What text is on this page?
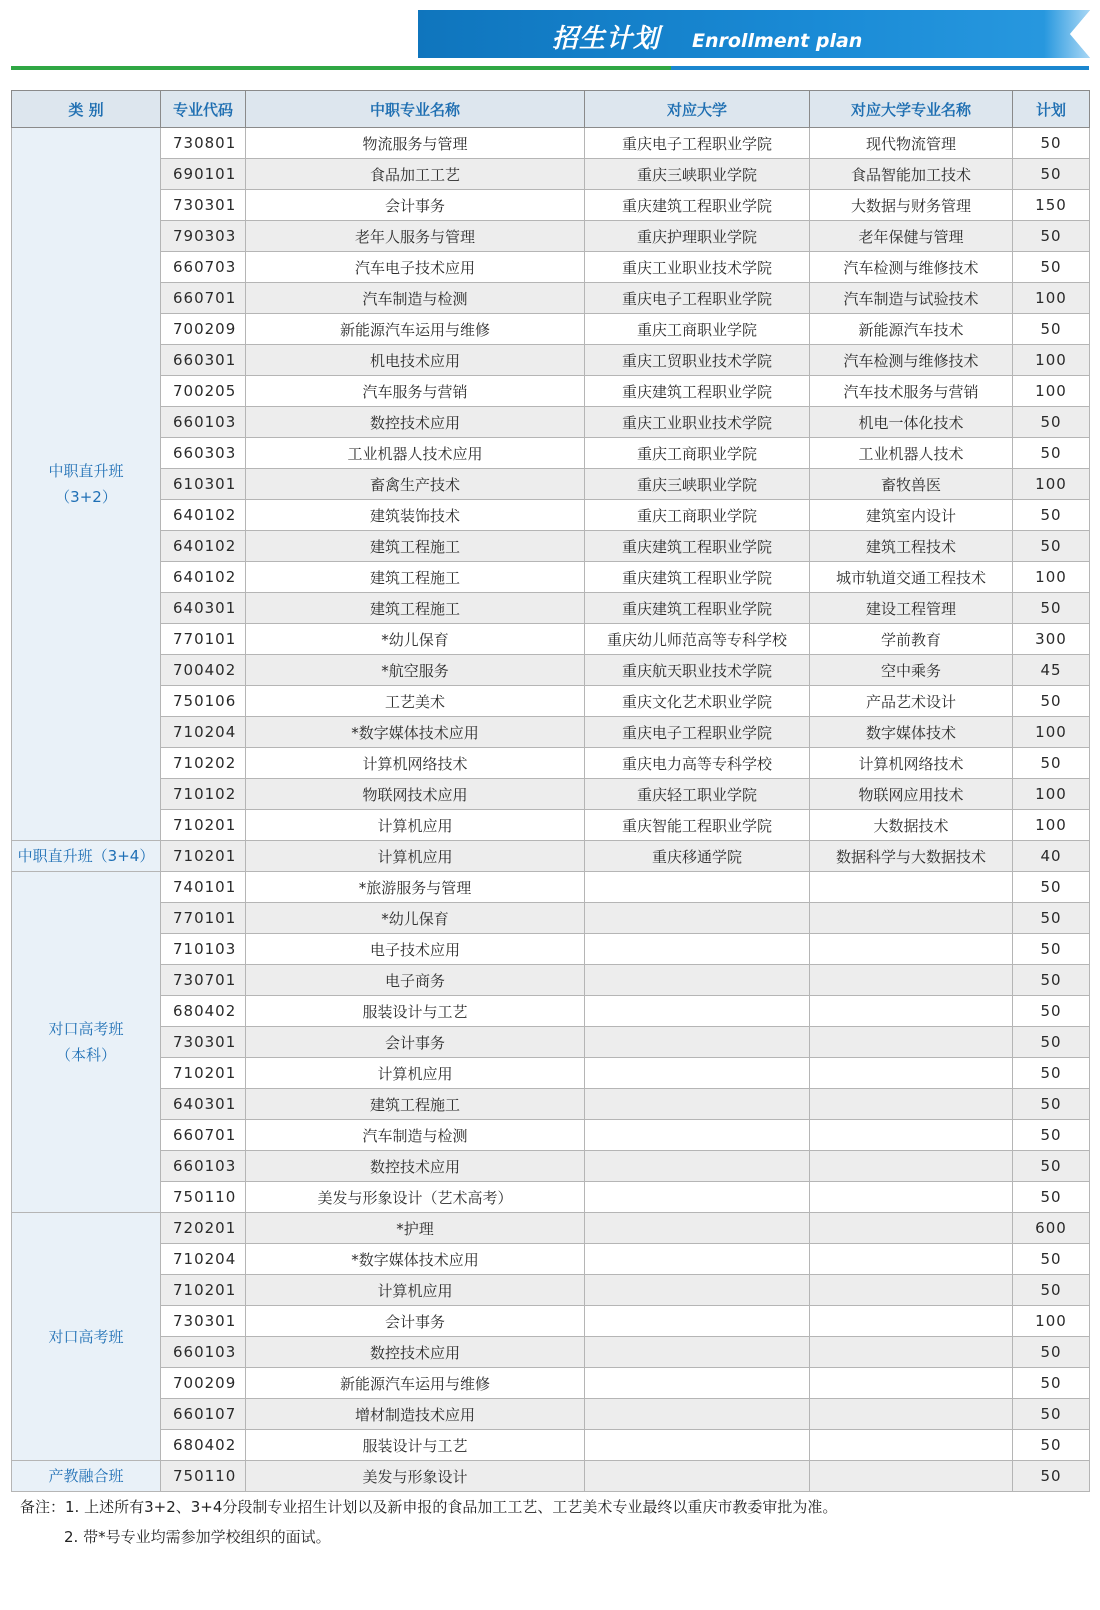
招生计划 Enrollment plan
类 别	专业代码	中职专业名称	对应大学	对应大学专业名称	计划

中职直升班
（3+2）	730801	物流服务与管理	重庆电子工程职业学院	现代物流管理	50
	690101	食品加工工艺	重庆三峡职业学院	食品智能加工技术	50
	730301	会计事务	重庆建筑工程职业学院	大数据与财务管理	150
	790303	老年人服务与管理	重庆护理职业学院	老年保健与管理	50
	660703	汽车电子技术应用	重庆工业职业技术学院	汽车检测与维修技术	50
	660701	汽车制造与检测	重庆电子工程职业学院	汽车制造与试验技术	100
	700209	新能源汽车运用与维修	重庆工商职业学院	新能源汽车技术	50
	660301	机电技术应用	重庆工贸职业技术学院	汽车检测与维修技术	100
	700205	汽车服务与营销	重庆建筑工程职业学院	汽车技术服务与营销	100
	660103	数控技术应用	重庆工业职业技术学院	机电一体化技术	50
	660303	工业机器人技术应用	重庆工商职业学院	工业机器人技术	50
	610301	畜禽生产技术	重庆三峡职业学院	畜牧兽医	100
	640102	建筑装饰技术	重庆工商职业学院	建筑室内设计	50
	640102	建筑工程施工	重庆建筑工程职业学院	建筑工程技术	50
	640102	建筑工程施工	重庆建筑工程职业学院	城市轨道交通工程技术	100
	640301	建筑工程施工	重庆建筑工程职业学院	建设工程管理	50
	770101	*幼儿保育	重庆幼儿师范高等专科学校	学前教育	300
	700402	*航空服务	重庆航天职业技术学院	空中乘务	45
	750106	工艺美术	重庆文化艺术职业学院	产品艺术设计	50
	710204	*数字媒体技术应用	重庆电子工程职业学院	数字媒体技术	100
	710202	计算机网络技术	重庆电力高等专科学校	计算机网络技术	50
	710102	物联网技术应用	重庆轻工职业学院	物联网应用技术	100
	710201	计算机应用	重庆智能工程职业学院	大数据技术	100

中职直升班（3+4）	710201	计算机应用	重庆移通学院	数据科学与大数据技术	40

对口高考班
（本科）	740101	*旅游服务与管理			50
	770101	*幼儿保育			50
	710103	电子技术应用			50
	730701	电子商务			50
	680402	服装设计与工艺			50
	730301	会计事务			50
	710201	计算机应用			50
	640301	建筑工程施工			50
	660701	汽车制造与检测			50
	660103	数控技术应用			50
	750110	美发与形象设计（艺术高考）			50

对口高考班	720201	*护理			600
	710204	*数字媒体技术应用			50
	710201	计算机应用			50
	730301	会计事务			100
	660103	数控技术应用			50
	700209	新能源汽车运用与维修			50
	660107	增材制造技术应用			50
	680402	服装设计与工艺			50

产教融合班	750110	美发与形象设计			50
备注：1. 上述所有3+2、3+4分段制专业招生计划以及新申报的食品加工工艺、工艺美术专业最终以重庆市教委审批为准。
2. 带*号专业均需参加学校组织的面试。
